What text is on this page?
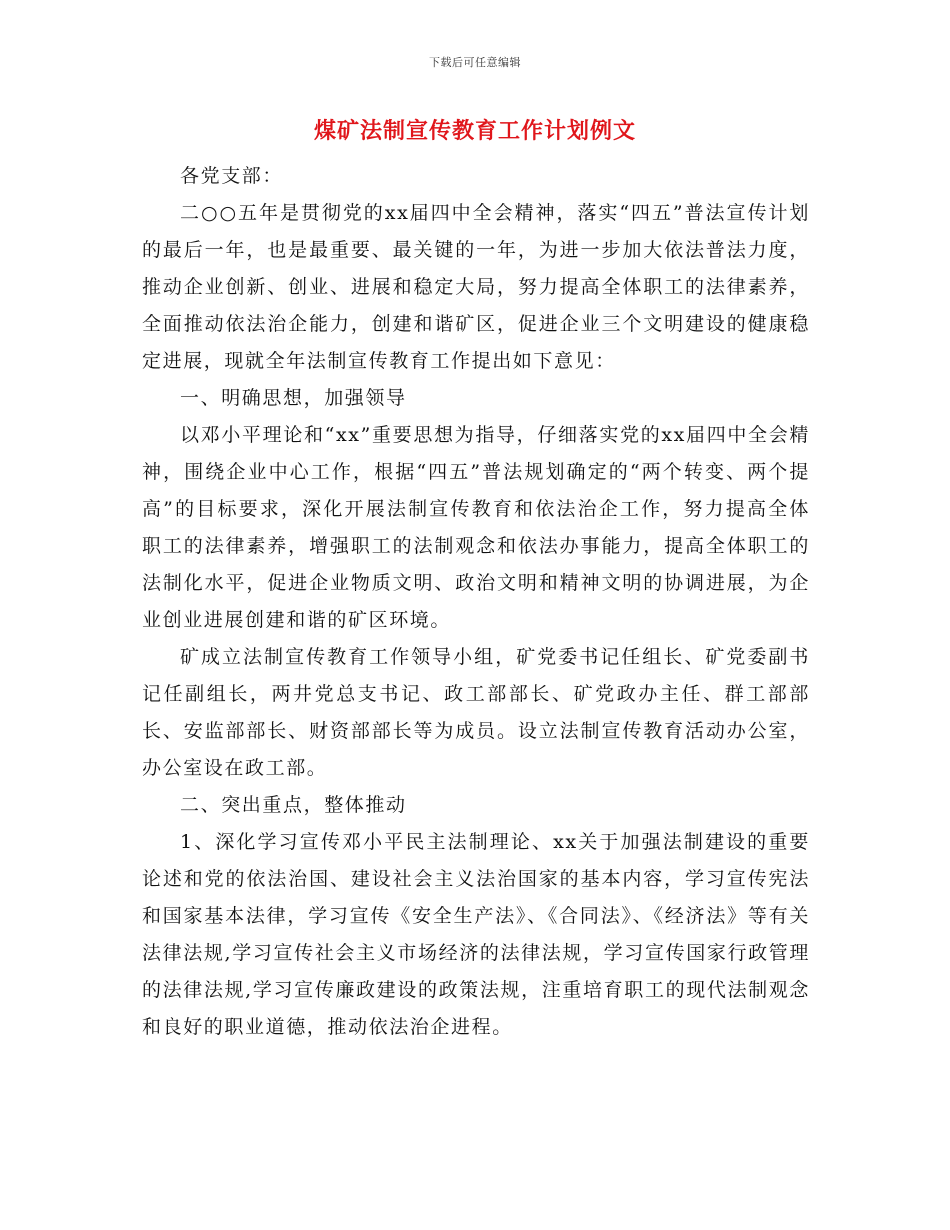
下载后可任意编辑
煤矿法制宣传教育工作计划例文

各党支部：

二○○五年是贯彻党的xx届四中全会精神，落实“四五”普法宣传计划的最后一年，也是最重要、最关键的一年，为进一步加大依法普法力度，推动企业创新、创业、进展和稳定大局，努力提高全体职工的法律素养，全面推动依法治企能力，创建和谐矿区，促进企业三个文明建设的健康稳定进展，现就全年法制宣传教育工作提出如下意见：

一、明确思想，加强领导

以邓小平理论和“xx”重要思想为指导，仔细落实党的xx届四中全会精神，围绕企业中心工作，根据“四五”普法规划确定的“两个转变、两个提高”的目标要求，深化开展法制宣传教育和依法治企工作，努力提高全体职工的法律素养，增强职工的法制观念和依法办事能力，提高全体职工的法制化水平，促进企业物质文明、政治文明和精神文明的协调进展，为企业创业进展创建和谐的矿区环境。

矿成立法制宣传教育工作领导小组，矿党委书记任组长、矿党委副书记任副组长，两井党总支书记、政工部部长、矿党政办主任、群工部部长、安监部部长、财资部部长等为成员。设立法制宣传教育活动办公室，办公室设在政工部。

二、突出重点，整体推动

1、深化学习宣传邓小平民主法制理论、xx关于加强法制建设的重要论述和党的依法治国、建设社会主义法治国家的基本内容，学习宣传宪法和国家基本法律，学习宣传《安全生产法》、《合同法》、《经济法》等有关法律法规,学习宣传社会主义市场经济的法律法规，学习宣传国家行政管理的法律法规,学习宣传廉政建设的政策法规，注重培育职工的现代法制观念和良好的职业道德，推动依法治企进程。
